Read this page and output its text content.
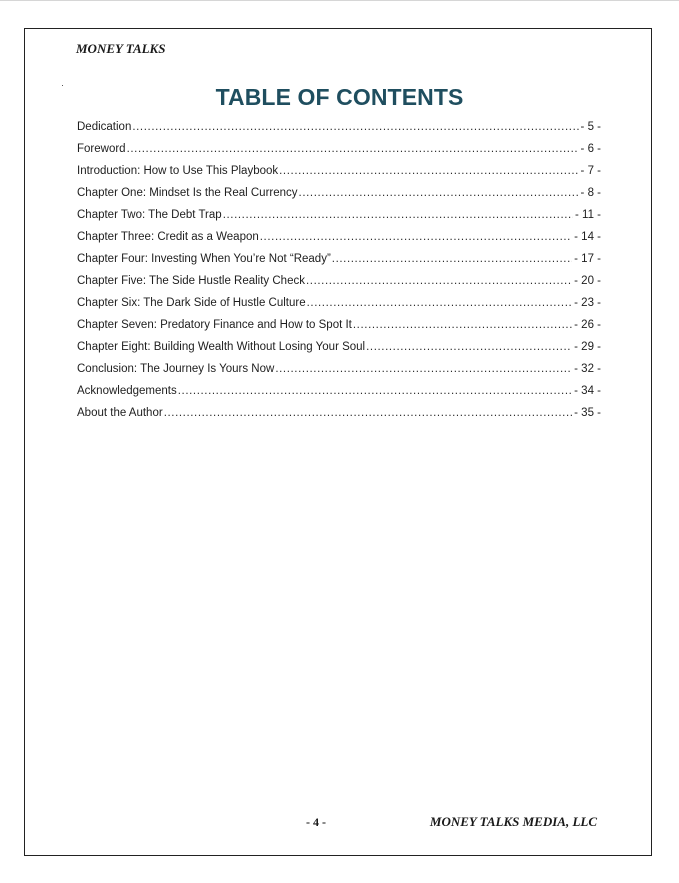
MONEY TALKS
TABLE OF CONTENTS
Dedication .....	- 5 -
Foreword .....	- 6 -
Introduction: How to Use This Playbook .....	- 7 -
Chapter One: Mindset Is the Real Currency .....	- 8 -
Chapter Two: The Debt Trap .....	- 11 -
Chapter Three: Credit as a Weapon .....	- 14 -
Chapter Four: Investing When You’re Not “Ready” .....	- 17 -
Chapter Five: The Side Hustle Reality Check .....	- 20 -
Chapter Six: The Dark Side of Hustle Culture .....	- 23 -
Chapter Seven: Predatory Finance and How to Spot It .....	- 26 -
Chapter Eight: Building Wealth Without Losing Your Soul .....	- 29 -
Conclusion: The Journey Is Yours Now .....	- 32 -
Acknowledgements .....	- 34 -
About the Author .....	- 35 -
- 4 -	MONEY TALKS MEDIA, LLC
